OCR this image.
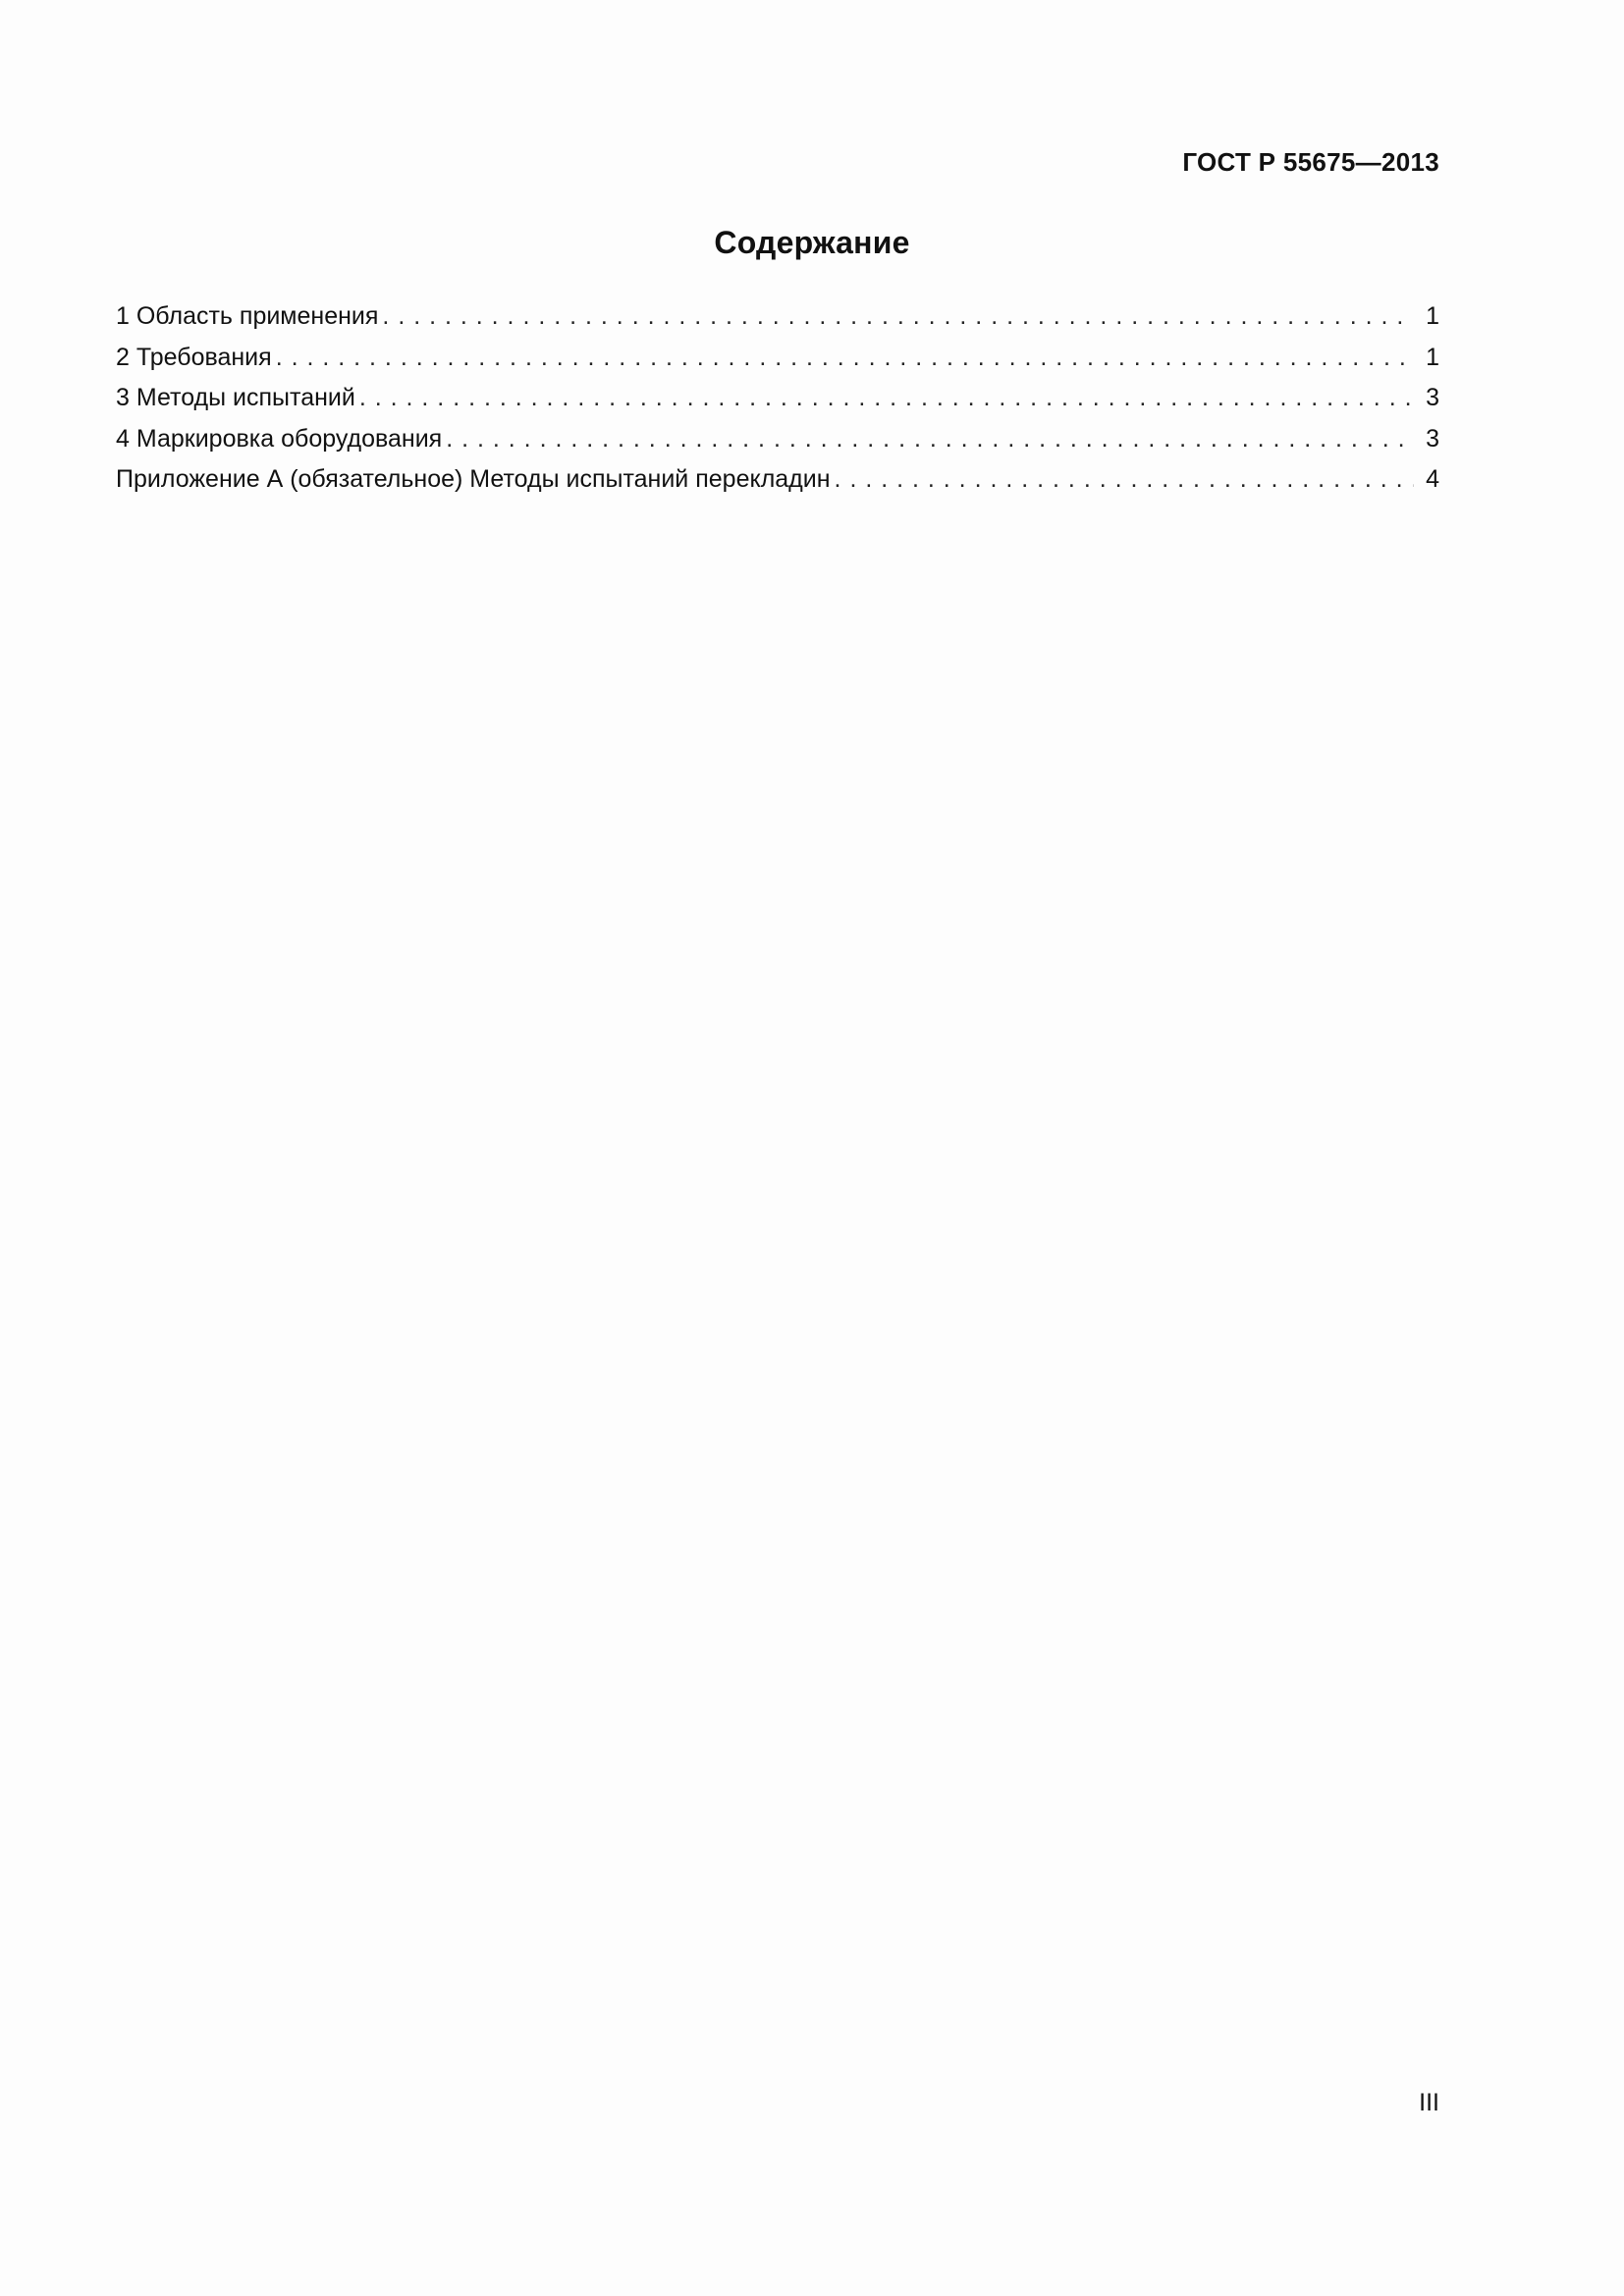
ГОСТ Р 55675—2013
Содержание
1 Область применения . . .	1
2 Требования . . .	1
3 Методы испытаний . . .	3
4 Маркировка оборудования . . .	3
Приложение А (обязательное) Методы испытаний перекладин . . .	4
III
